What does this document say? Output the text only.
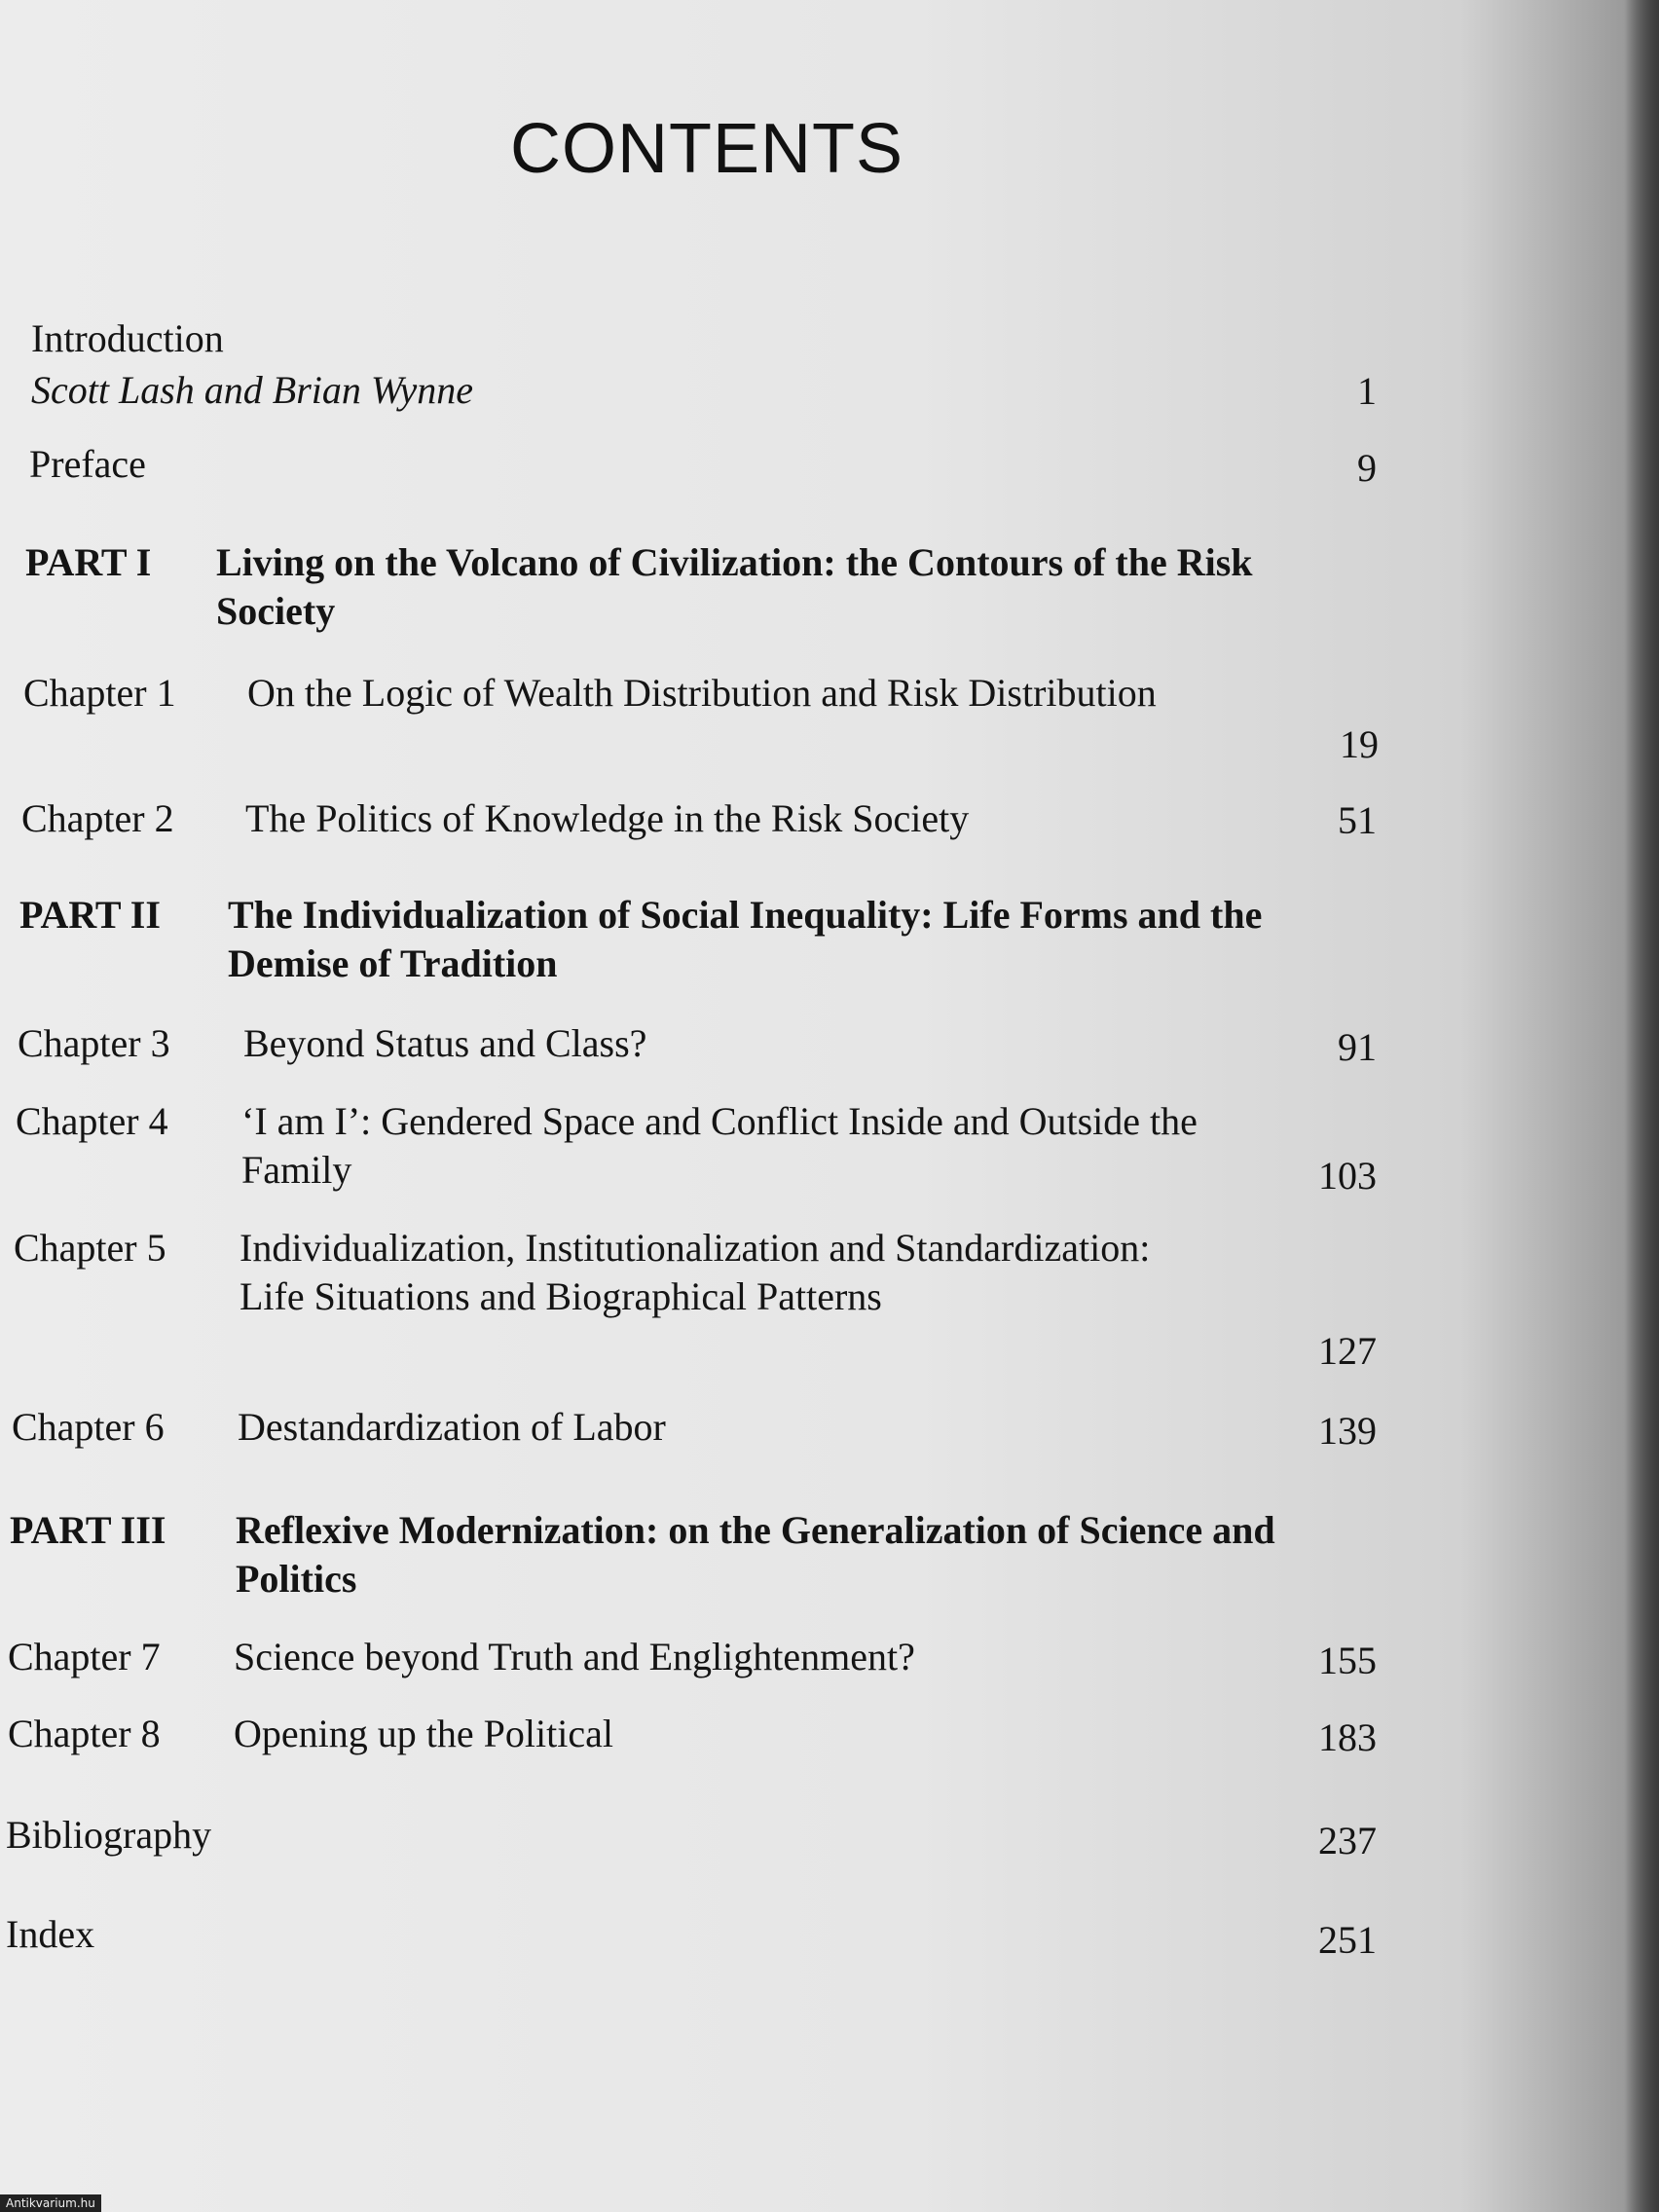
CONTENTS
Introduction
Scott Lash and Brian Wynne	1
Preface	9
PART I Living on the Volcano of Civilization: the Contours of the Risk Society
Chapter 1 On the Logic of Wealth Distribution and Risk Distribution
19
Chapter 2 The Politics of Knowledge in the Risk Society	51
PART II The Individualization of Social Inequality: Life Forms and the Demise of Tradition
Chapter 3 Beyond Status and Class?	91
Chapter 4 ‘I am I’: Gendered Space and Conflict Inside and Outside the Family	103
Chapter 5 Individualization, Institutionalization and Standardization: Life Situations and Biographical Patterns
127
Chapter 6 Destandardization of Labor	139
PART III Reflexive Modernization: on the Generalization of Science and Politics
Chapter 7 Science beyond Truth and Englightenment?	155
Chapter 8 Opening up the Political	183
Bibliography	237
Index	251
Antikvarium.hu
